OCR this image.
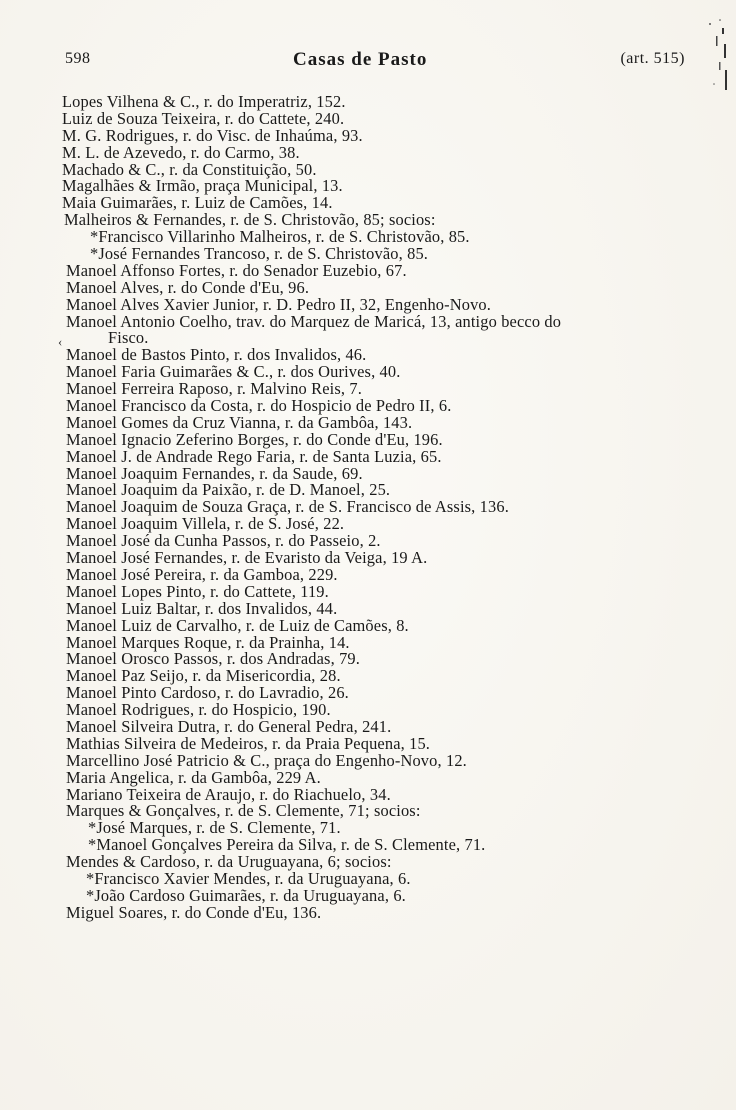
598	Casas de Pasto	(art. 515)
Lopes Vilhena & C., r. do Imperatriz, 152.
Luiz de Souza Teixeira, r. do Cattete, 240.
M. G. Rodrigues, r. do Visc. de Inhaúma, 93.
M. L. de Azevedo, r. do Carmo, 38.
Machado & C., r. da Constituição, 50.
Magalhães & Irmão, praça Municipal, 13.
Maia Guimarães, r. Luiz de Camões, 14.
Malheiros & Fernandes, r. de S. Christovão, 85; socios:
*Francisco Villarinho Malheiros, r. de S. Christovão, 85.
*José Fernandes Trancoso, r. de S. Christovão, 85.
Manoel Affonso Fortes, r. do Senador Euzebio, 67.
Manoel Alves, r. do Conde d'Eu, 96.
Manoel Alves Xavier Junior, r. D. Pedro II, 32, Engenho-Novo.
Manoel Antonio Coelho, trav. do Marquez de Maricá, 13, antigo becco do
Fisco.
Manoel de Bastos Pinto, r. dos Invalidos, 46.
Manoel Faria Guimarães & C., r. dos Ourives, 40.
Manoel Ferreira Raposo, r. Malvino Reis, 7.
Manoel Francisco da Costa, r. do Hospicio de Pedro II, 6.
Manoel Gomes da Cruz Vianna, r. da Gambôa, 143.
Manoel Ignacio Zeferino Borges, r. do Conde d'Eu, 196.
Manoel J. de Andrade Rego Faria, r. de Santa Luzia, 65.
Manoel Joaquim Fernandes, r. da Saude, 69.
Manoel Joaquim da Paixão, r. de D. Manoel, 25.
Manoel Joaquim de Souza Graça, r. de S. Francisco de Assis, 136.
Manoel Joaquim Villela, r. de S. José, 22.
Manoel José da Cunha Passos, r. do Passeio, 2.
Manoel José Fernandes, r. de Evaristo da Veiga, 19 A.
Manoel José Pereira, r. da Gamboa, 229.
Manoel Lopes Pinto, r. do Cattete, 119.
Manoel Luiz Baltar, r. dos Invalidos, 44.
Manoel Luiz de Carvalho, r. de Luiz de Camões, 8.
Manoel Marques Roque, r. da Prainha, 14.
Manoel Orosco Passos, r. dos Andradas, 79.
Manoel Paz Seijo, r. da Misericordia, 28.
Manoel Pinto Cardoso, r. do Lavradio, 26.
Manoel Rodrigues, r. do Hospicio, 190.
Manoel Silveira Dutra, r. do General Pedra, 241.
Mathias Silveira de Medeiros, r. da Praia Pequena, 15.
Marcellino José Patricio & C., praça do Engenho-Novo, 12.
Maria Angelica, r. da Gambôa, 229 A.
Mariano Teixeira de Araujo, r. do Riachuelo, 34.
Marques & Gonçalves, r. de S. Clemente, 71; socios:
*José Marques, r. de S. Clemente, 71.
*Manoel Gonçalves Pereira da Silva, r. de S. Clemente, 71.
Mendes & Cardoso, r. da Uruguayana, 6; socios:
*Francisco Xavier Mendes, r. da Uruguayana, 6.
*João Cardoso Guimarães, r. da Uruguayana, 6.
Miguel Soares, r. do Conde d'Eu, 136.
‹
